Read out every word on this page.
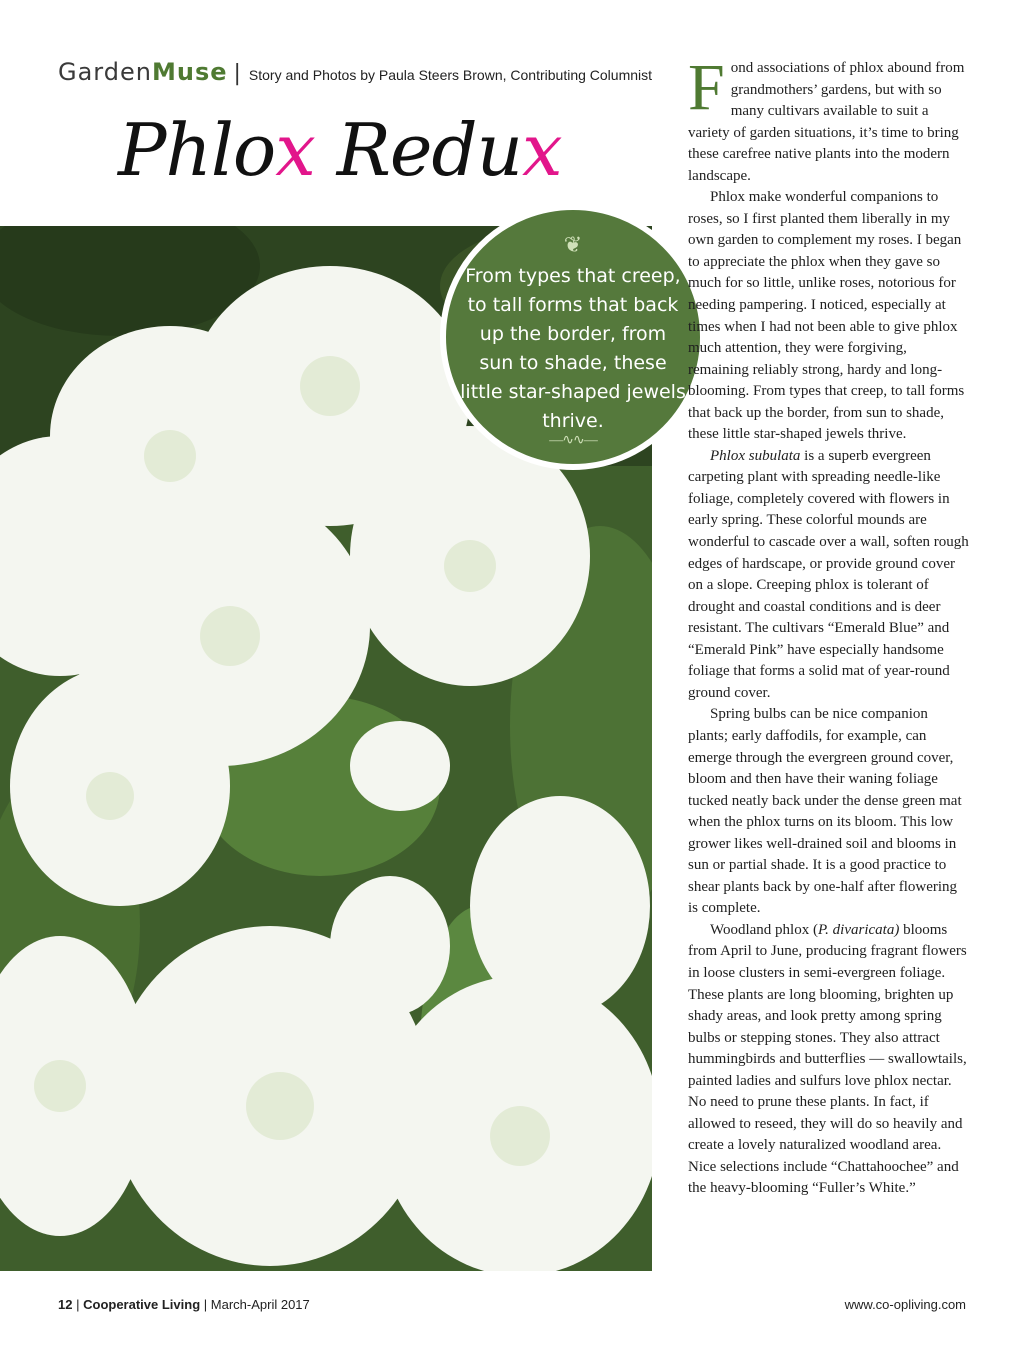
GardenMuse | Story and Photos by Paula Steers Brown, Contributing Columnist
Phlox Redux
❦
From types that creep, to tall forms that back up the border, from sun to shade, these little star-shaped jewels thrive.
—∿∿—

Fond associations of phlox abound from grandmothers’ gardens, but with so many cultivars available to suit a variety of garden situations, it’s time to bring these carefree native plants into the modern landscape.

Phlox make wonderful companions to roses, so I first planted them liberally in my own garden to complement my roses. I began to appreciate the phlox when they gave so much for so little, unlike roses, notorious for needing pampering. I noticed, especially at times when I had not been able to give phlox much attention, they were forgiving, remaining reliably strong, hardy and long-blooming. From types that creep, to tall forms that back up the border, from sun to shade, these little star-shaped jewels thrive.

Phlox subulata is a superb evergreen carpeting plant with spreading needle-like foliage, completely covered with flowers in early spring. These colorful mounds are wonderful to cascade over a wall, soften rough edges of hardscape, or provide ground cover on a slope. Creeping phlox is tolerant of drought and coastal conditions and is deer resistant. The cultivars “Emerald Blue” and “Emerald Pink” have especially handsome foliage that forms a solid mat of year-round ground cover.

Spring bulbs can be nice companion plants; early daffodils, for example, can emerge through the evergreen ground cover, bloom and then have their waning foliage tucked neatly back under the dense green mat when the phlox turns on its bloom. This low grower likes well-drained soil and blooms in sun or partial shade. It is a good practice to shear plants back by one-half after flowering is complete.

Woodland phlox (P. divaricata) blooms from April to June, producing fragrant flowers in loose clusters in semi-evergreen foliage. These plants are long blooming, brighten up shady areas, and look pretty among spring bulbs or stepping stones. They also attract hummingbirds and butterflies — swallowtails, painted ladies and sulfurs love phlox nectar. No need to prune these plants. In fact, if allowed to reseed, they will do so heavily and create a lovely naturalized woodland area. Nice selections include “Chattahoochee” and the heavy-blooming “Fuller’s White.”

12 | Cooperative Living | March-April 2017	www.co-opliving.com
